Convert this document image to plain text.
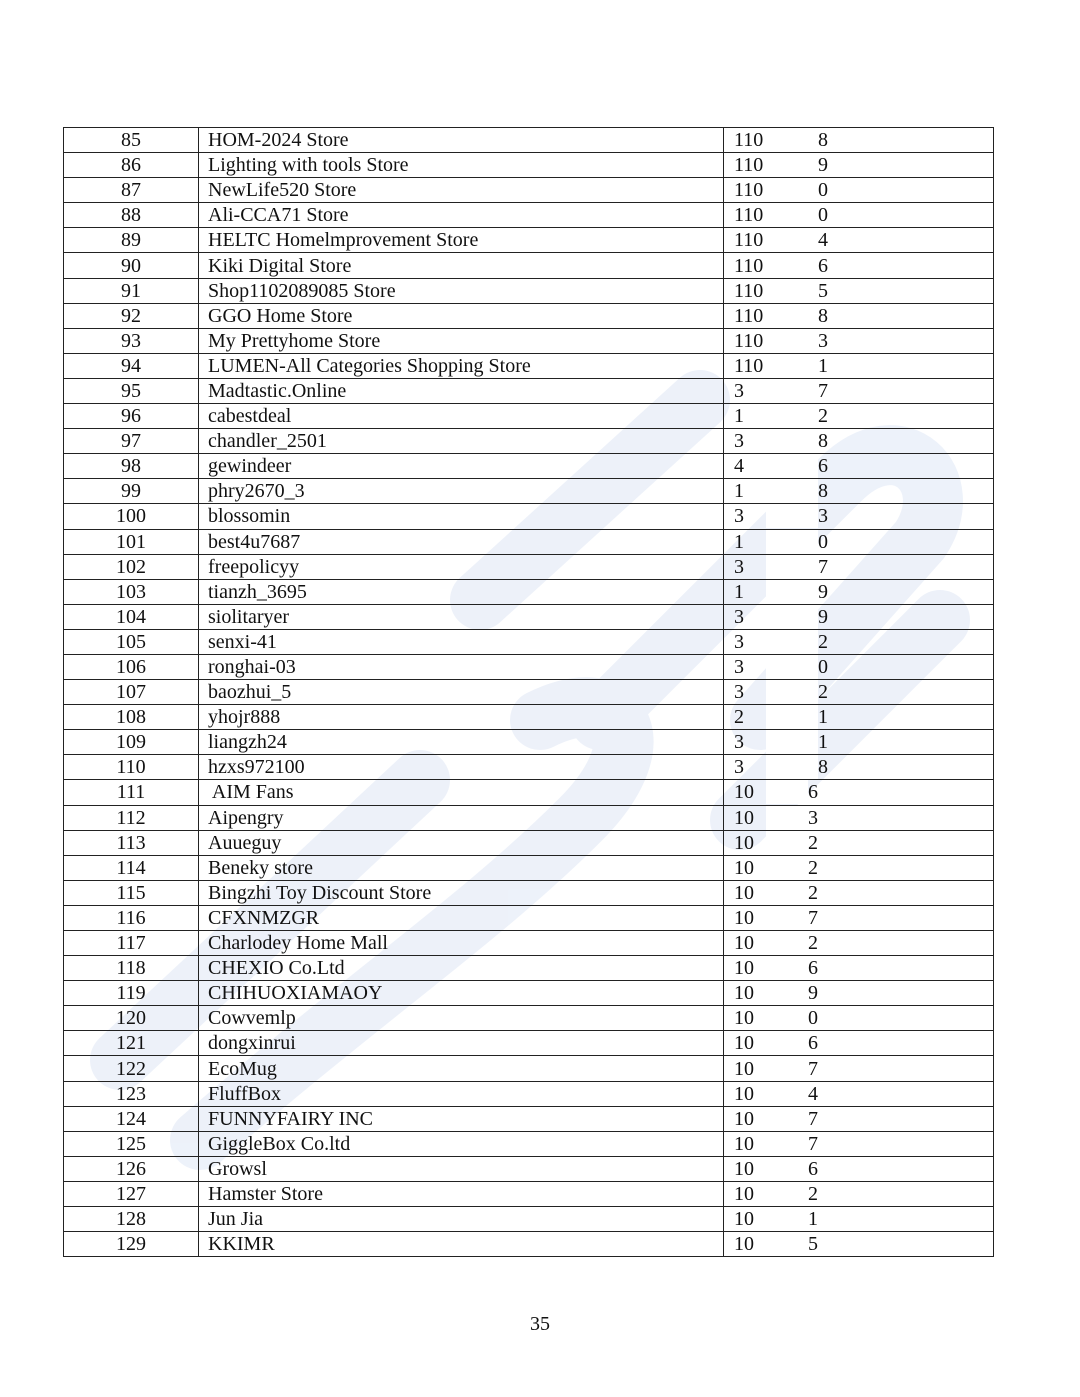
85	HOM-2024 Store	110 8

86	Lighting with tools Store	110 9

87	NewLife520 Store	110 0

88	Ali-CCA71 Store	110 0

89	HELTC Homelmprovement Store	110 4

90	Kiki Digital Store	110 6

91	Shop1102089085 Store	110 5

92	GGO Home Store	110 8

93	My Prettyhome Store	110 3

94	LUMEN-All Categories Shopping Store	110 1

95	Madtastic.Online	3 7

96	cabestdeal	1 2

97	chandler_2501	3 8

98	gewindeer	4 6

99	phry2670_3	1 8

100	blossomin	3 3

101	best4u7687	1 0

102	freepolicyy	3 7

103	tianzh_3695	1 9

104	siolitaryer	3 9

105	senxi-41	3 2

106	ronghai-03	3 0

107	baozhui_5	3 2

108	yhojr888	2 1

109	liangzh24	3 1

110	hzxs972100	3 8

111	AIM Fans	10 6

112	Aipengry	10 3

113	Auueguy	10 2

114	Beneky store	10 2

115	Bingzhi Toy Discount Store	10 2

116	CFXNMZGR	10 7

117	Charlodey Home Mall	10 2

118	CHEXIO Co.Ltd	10 6

119	CHIHUOXIAMAOY	10 9

120	Cowvemlp	10 0

121	dongxinrui	10 6

122	EcoMug	10 7

123	FluffBox	10 4

124	FUNNYFAIRY INC	10 7

125	GiggleBox Co.ltd	10 7

126	Growsl	10 6

127	Hamster Store	10 2

128	Jun Jia	10 1

129	KKIMR	10 5
35
